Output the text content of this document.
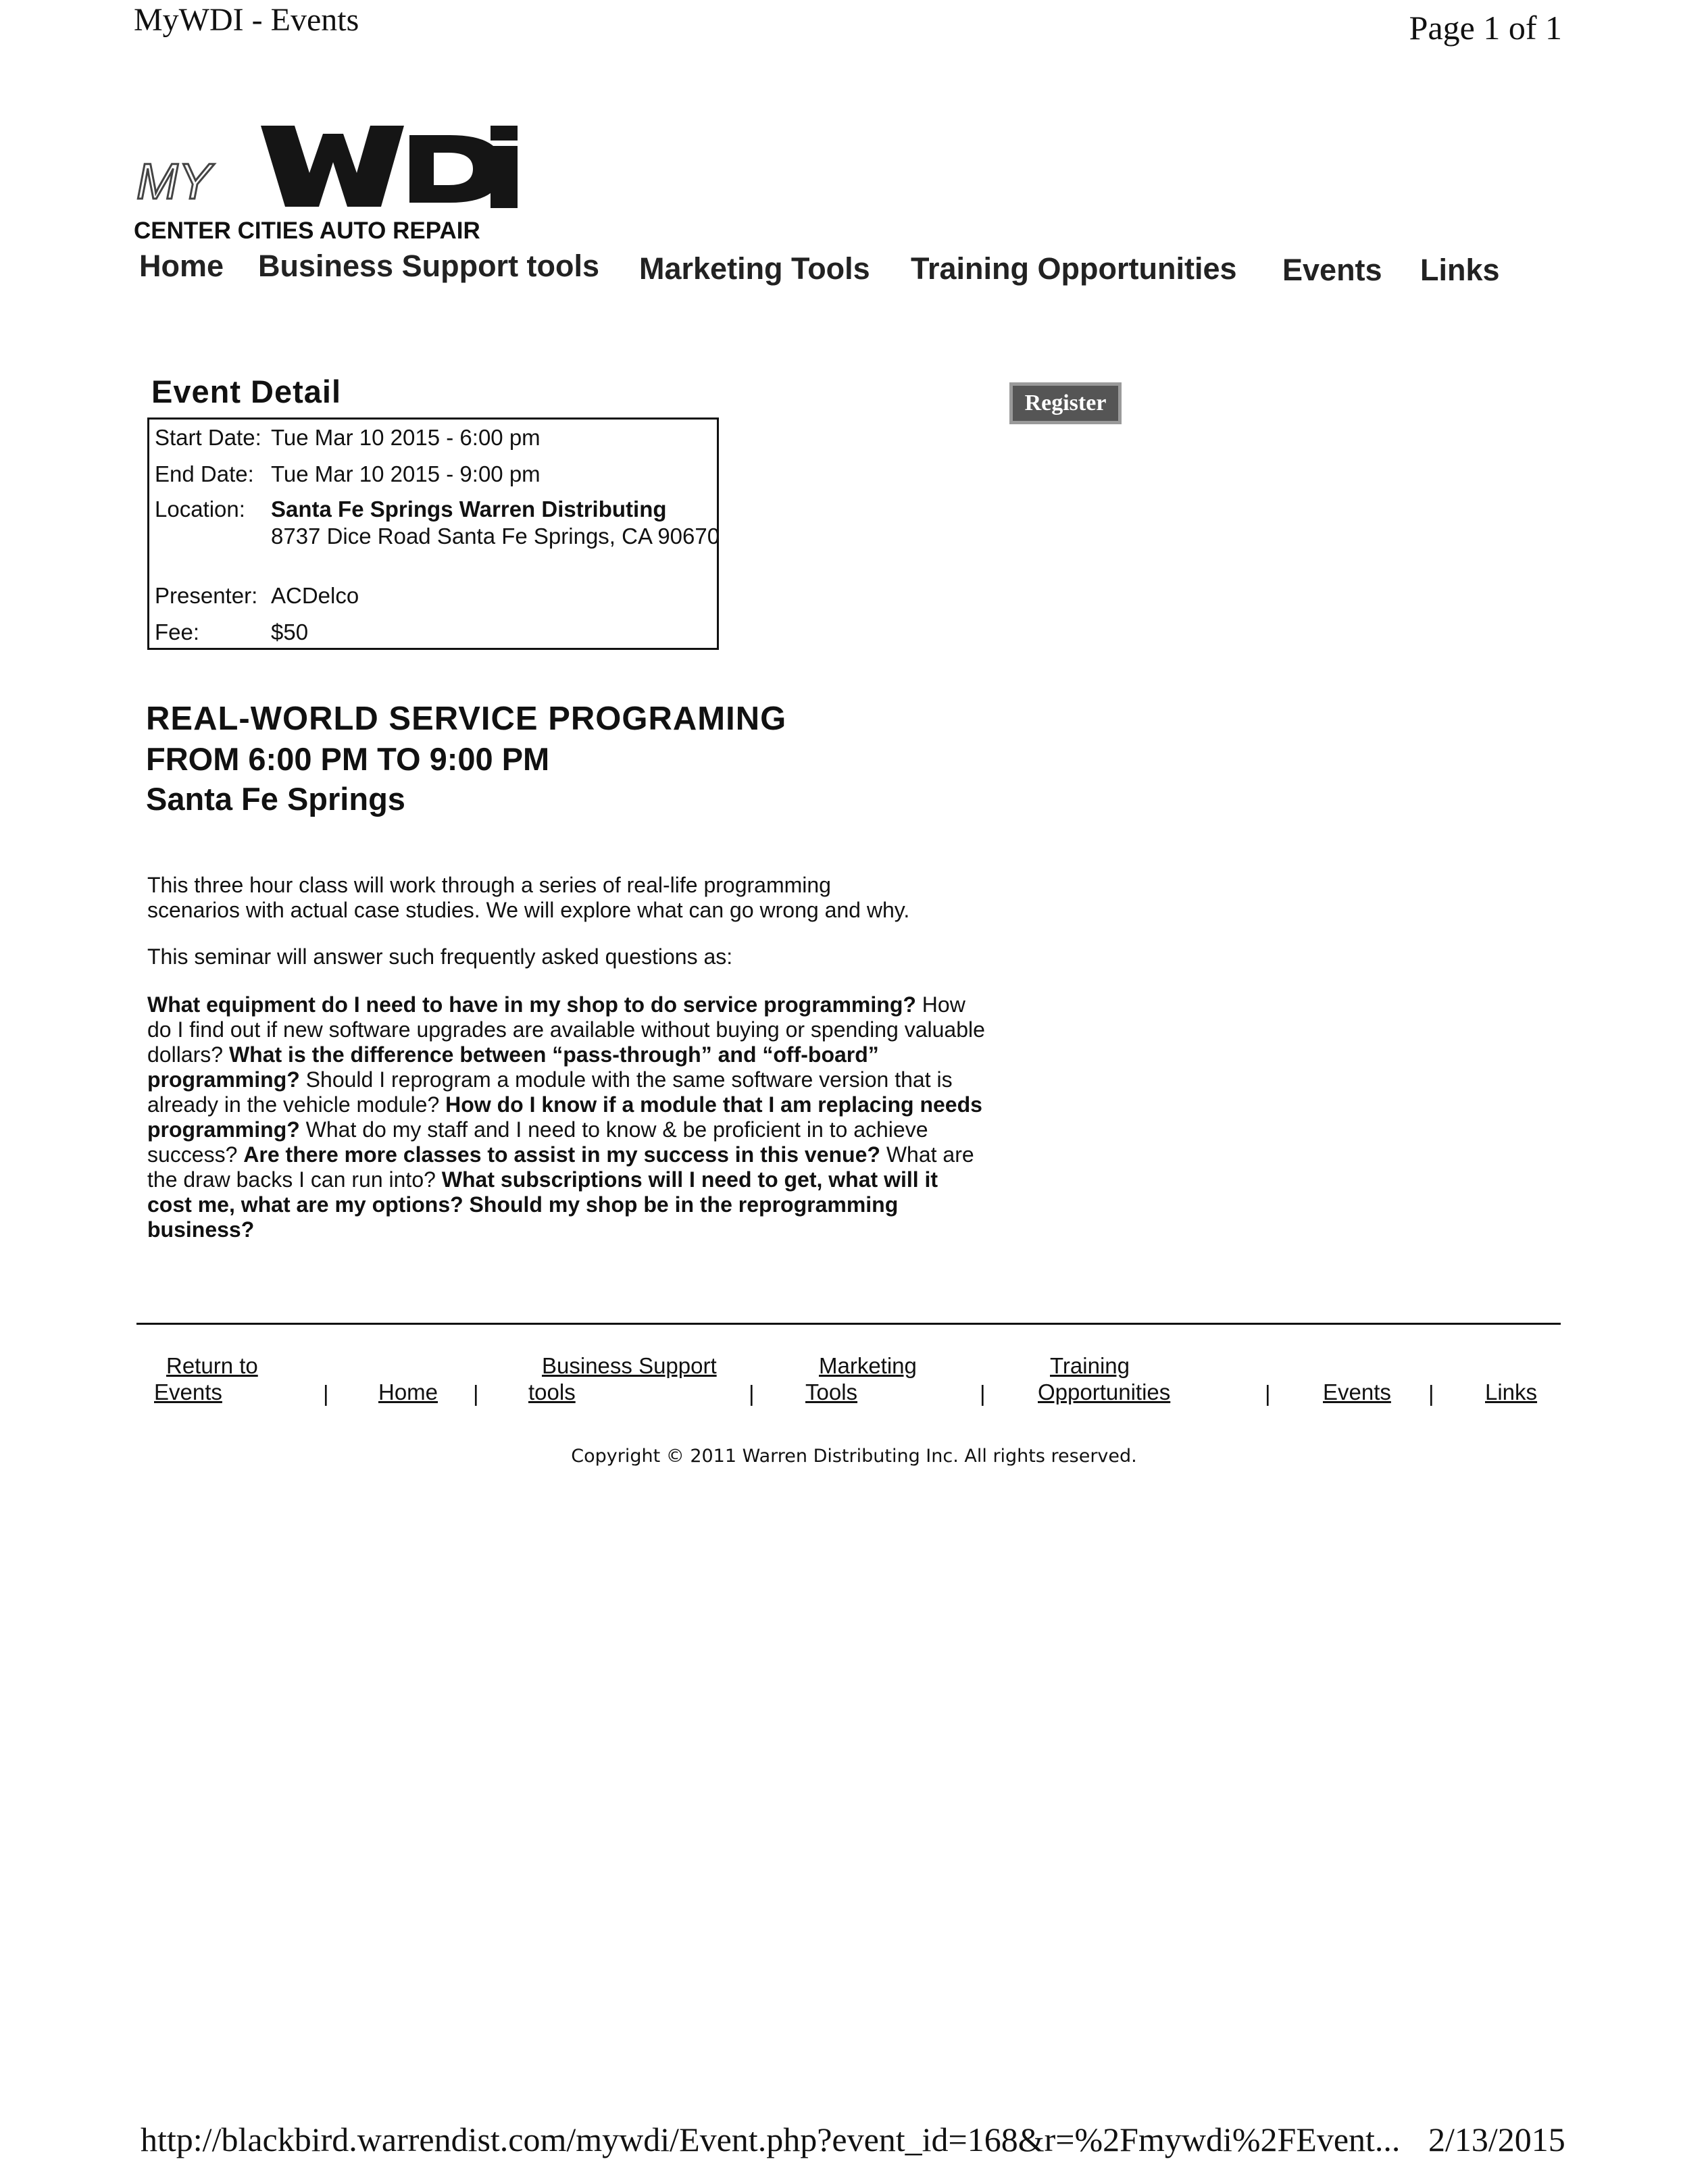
MyWDI - Events	Page 1 of 1
MY
CENTER CITIES AUTO REPAIR
Home Business Support tools Marketing Tools Training Opportunities Events Links
Event Detail
Start Date: Tue Mar 10 2015 - 6:00 pm
End Date: Tue Mar 10 2015 - 9:00 pm
Location: Santa Fe Springs Warren Distributing
8737 Dice Road Santa Fe Springs, CA 90670
Presenter: ACDelco
Fee:	$50
Register
REAL-WORLD SERVICE PROGRAMING
FROM 6:00 PM TO 9:00 PM
Santa Fe Springs

This three hour class will work through a series of real-life programming
scenarios with actual case studies. We will explore what can go wrong and why.

This seminar will answer such frequently asked questions as:

What equipment do I need to have in my shop to do service programming? How do I find out if new software upgrades are available without buying or spending valuable dollars? What is the difference between “pass-through” and “off-board” programming? Should I reprogram a module with the same software version that is already in the vehicle module? How do I know if a module that I am replacing needs programming? What do my staff and I need to know & be proficient in to achieve success? Are there more classes to assist in my success in this venue? What are the draw backs I can run into? What subscriptions will I need to get, what will it cost me, what are my options? Should my shop be in the reprogramming business?

Return to
Events	| Home |
Business Support
tools	|
Marketing
Tools	|
Training
Opportunities	| Events | Links
Copyright © 2011 Warren Distributing Inc. All rights reserved.
http://blackbird.warrendist.com/mywdi/Event.php?event_id=168&r=%2Fmywdi%2FEvent... 2/13/2015
